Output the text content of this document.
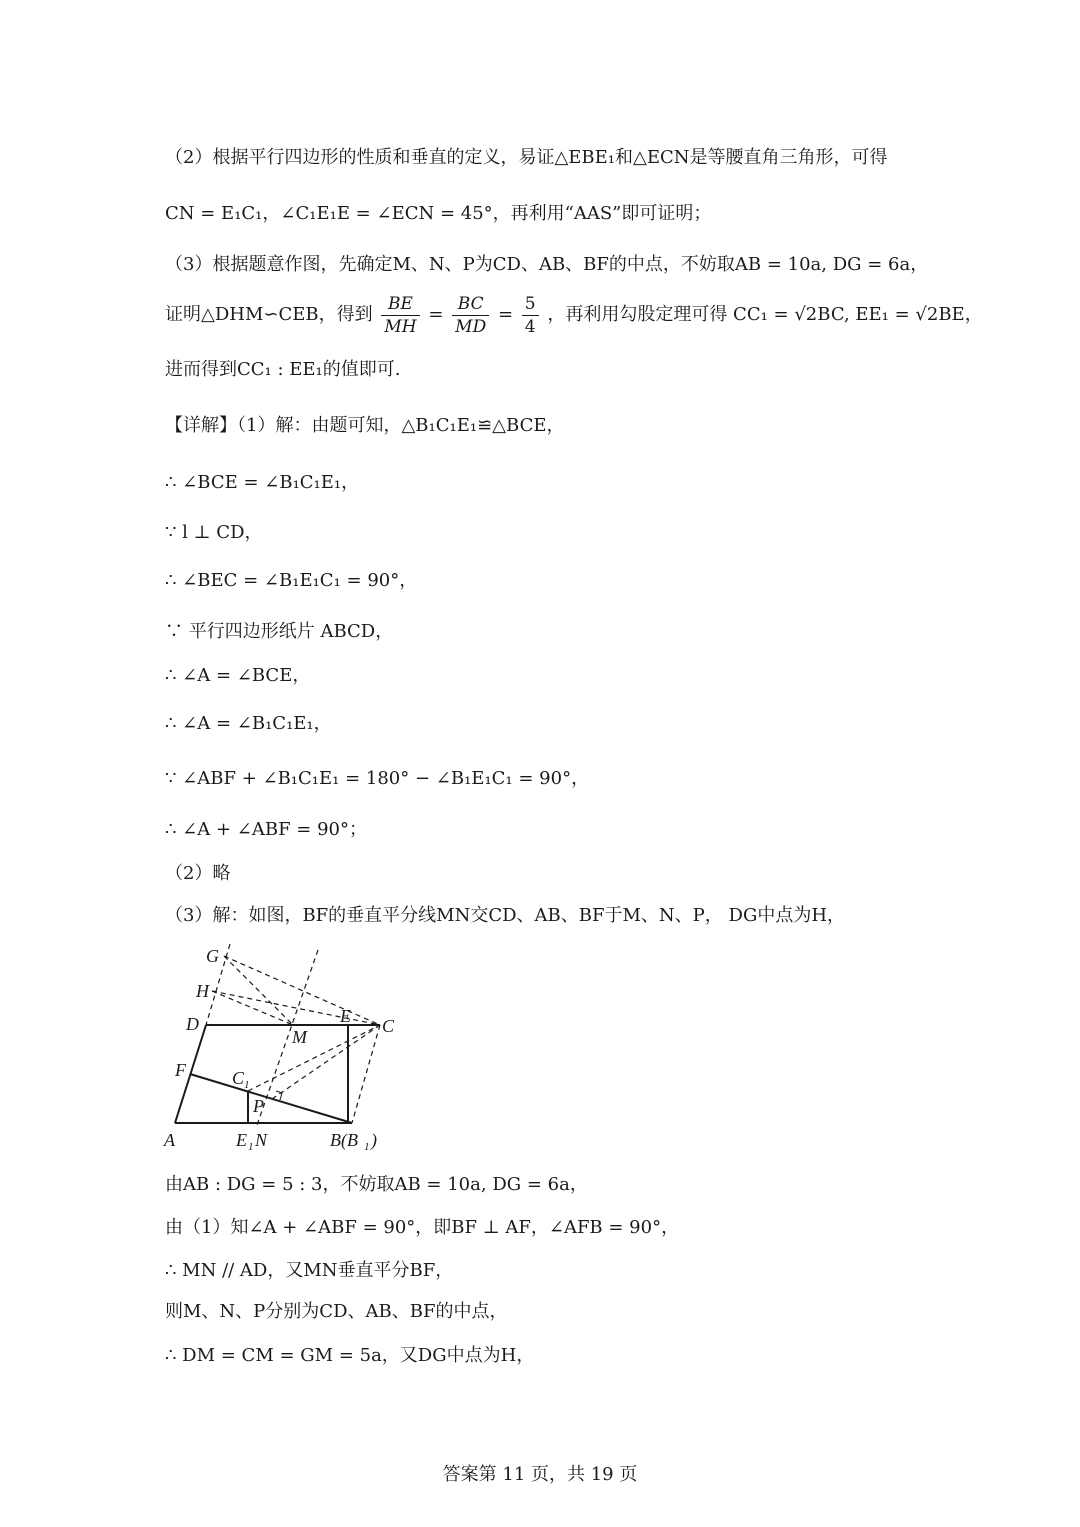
（2）根据平行四边形的性质和垂直的定义，易证△EBE₁和△ECN是等腰直角三角形，可得
CN = E₁C₁，∠C₁E₁E = ∠ECN = 45°，再利用“AAS”即可证明；
（3）根据题意作图，先确定M、N、P为CD、AB、BF的中点，不妨取AB = 10a, DG = 6a，
证明△DHM∽CEB，得到 $\frac{BE}{MH} = \frac{BC}{MD} = \frac{5}{4}$ ，再利用勾股定理可得 CC₁ = √2BC, EE₁ = √2BE，
进而得到CC₁ : EE₁的值即可.
【详解】（1）解：由题可知，△B₁C₁E₁≌△BCE，
∴ ∠BCE = ∠B₁C₁E₁，
∵ l ⊥ CD，
∴ ∠BEC = ∠B₁E₁C₁ = 90°，
∵ 平行四边形纸片 ABCD，
∴ ∠A = ∠BCE，
∴ ∠A = ∠B₁C₁E₁，
∵ ∠ABF + ∠B₁C₁E₁ = 180° − ∠B₁E₁C₁ = 90°，
∴ ∠A + ∠ABF = 90°；
（2）略
（3）解：如图，BF的垂直平分线MN交CD、AB、BF于M、N、P， DG中点为H，
G
H
D
M
E C
F	C 1
P
A	E 1 N	B(B 1 )
由AB : DG = 5 : 3，不妨取AB = 10a, DG = 6a，
由（1）知∠A + ∠ABF = 90°，即BF ⊥ AF，∠AFB = 90°，
∴ MN // AD，又MN垂直平分BF，
则M、N、P分别为CD、AB、BF的中点，
∴ DM = CM = GM = 5a，又DG中点为H，
答案第 11 页，共 19 页
